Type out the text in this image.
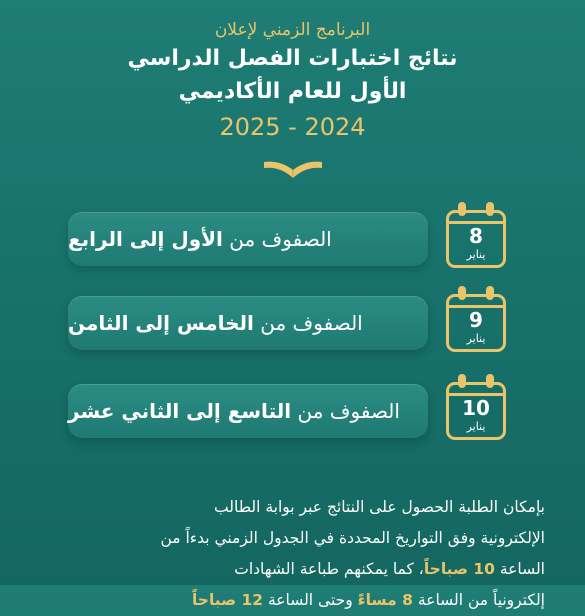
البرنامج الزمني لإعلان

نتائج اختبارات الفصل الدراسي

الأول للعام الأكاديمي

2025 - 2024

الصفوف من الأول إلى الرابع	8
يناير
الصفوف من الخامس إلى الثامن	9
يناير
الصفوف من التاسع إلى الثاني عشر	10
يناير

بإمكان الطلبة الحصول على النتائج عبر بوابة الطالب

الإلكترونية وفق التواريخ المحددة في الجدول الزمني بدءاً من

الساعة 10 صباحاً، كما يمكنهم طباعة الشهادات

إلكترونياً من الساعة 8 مساءً وحتى الساعة 12 صباحاً
